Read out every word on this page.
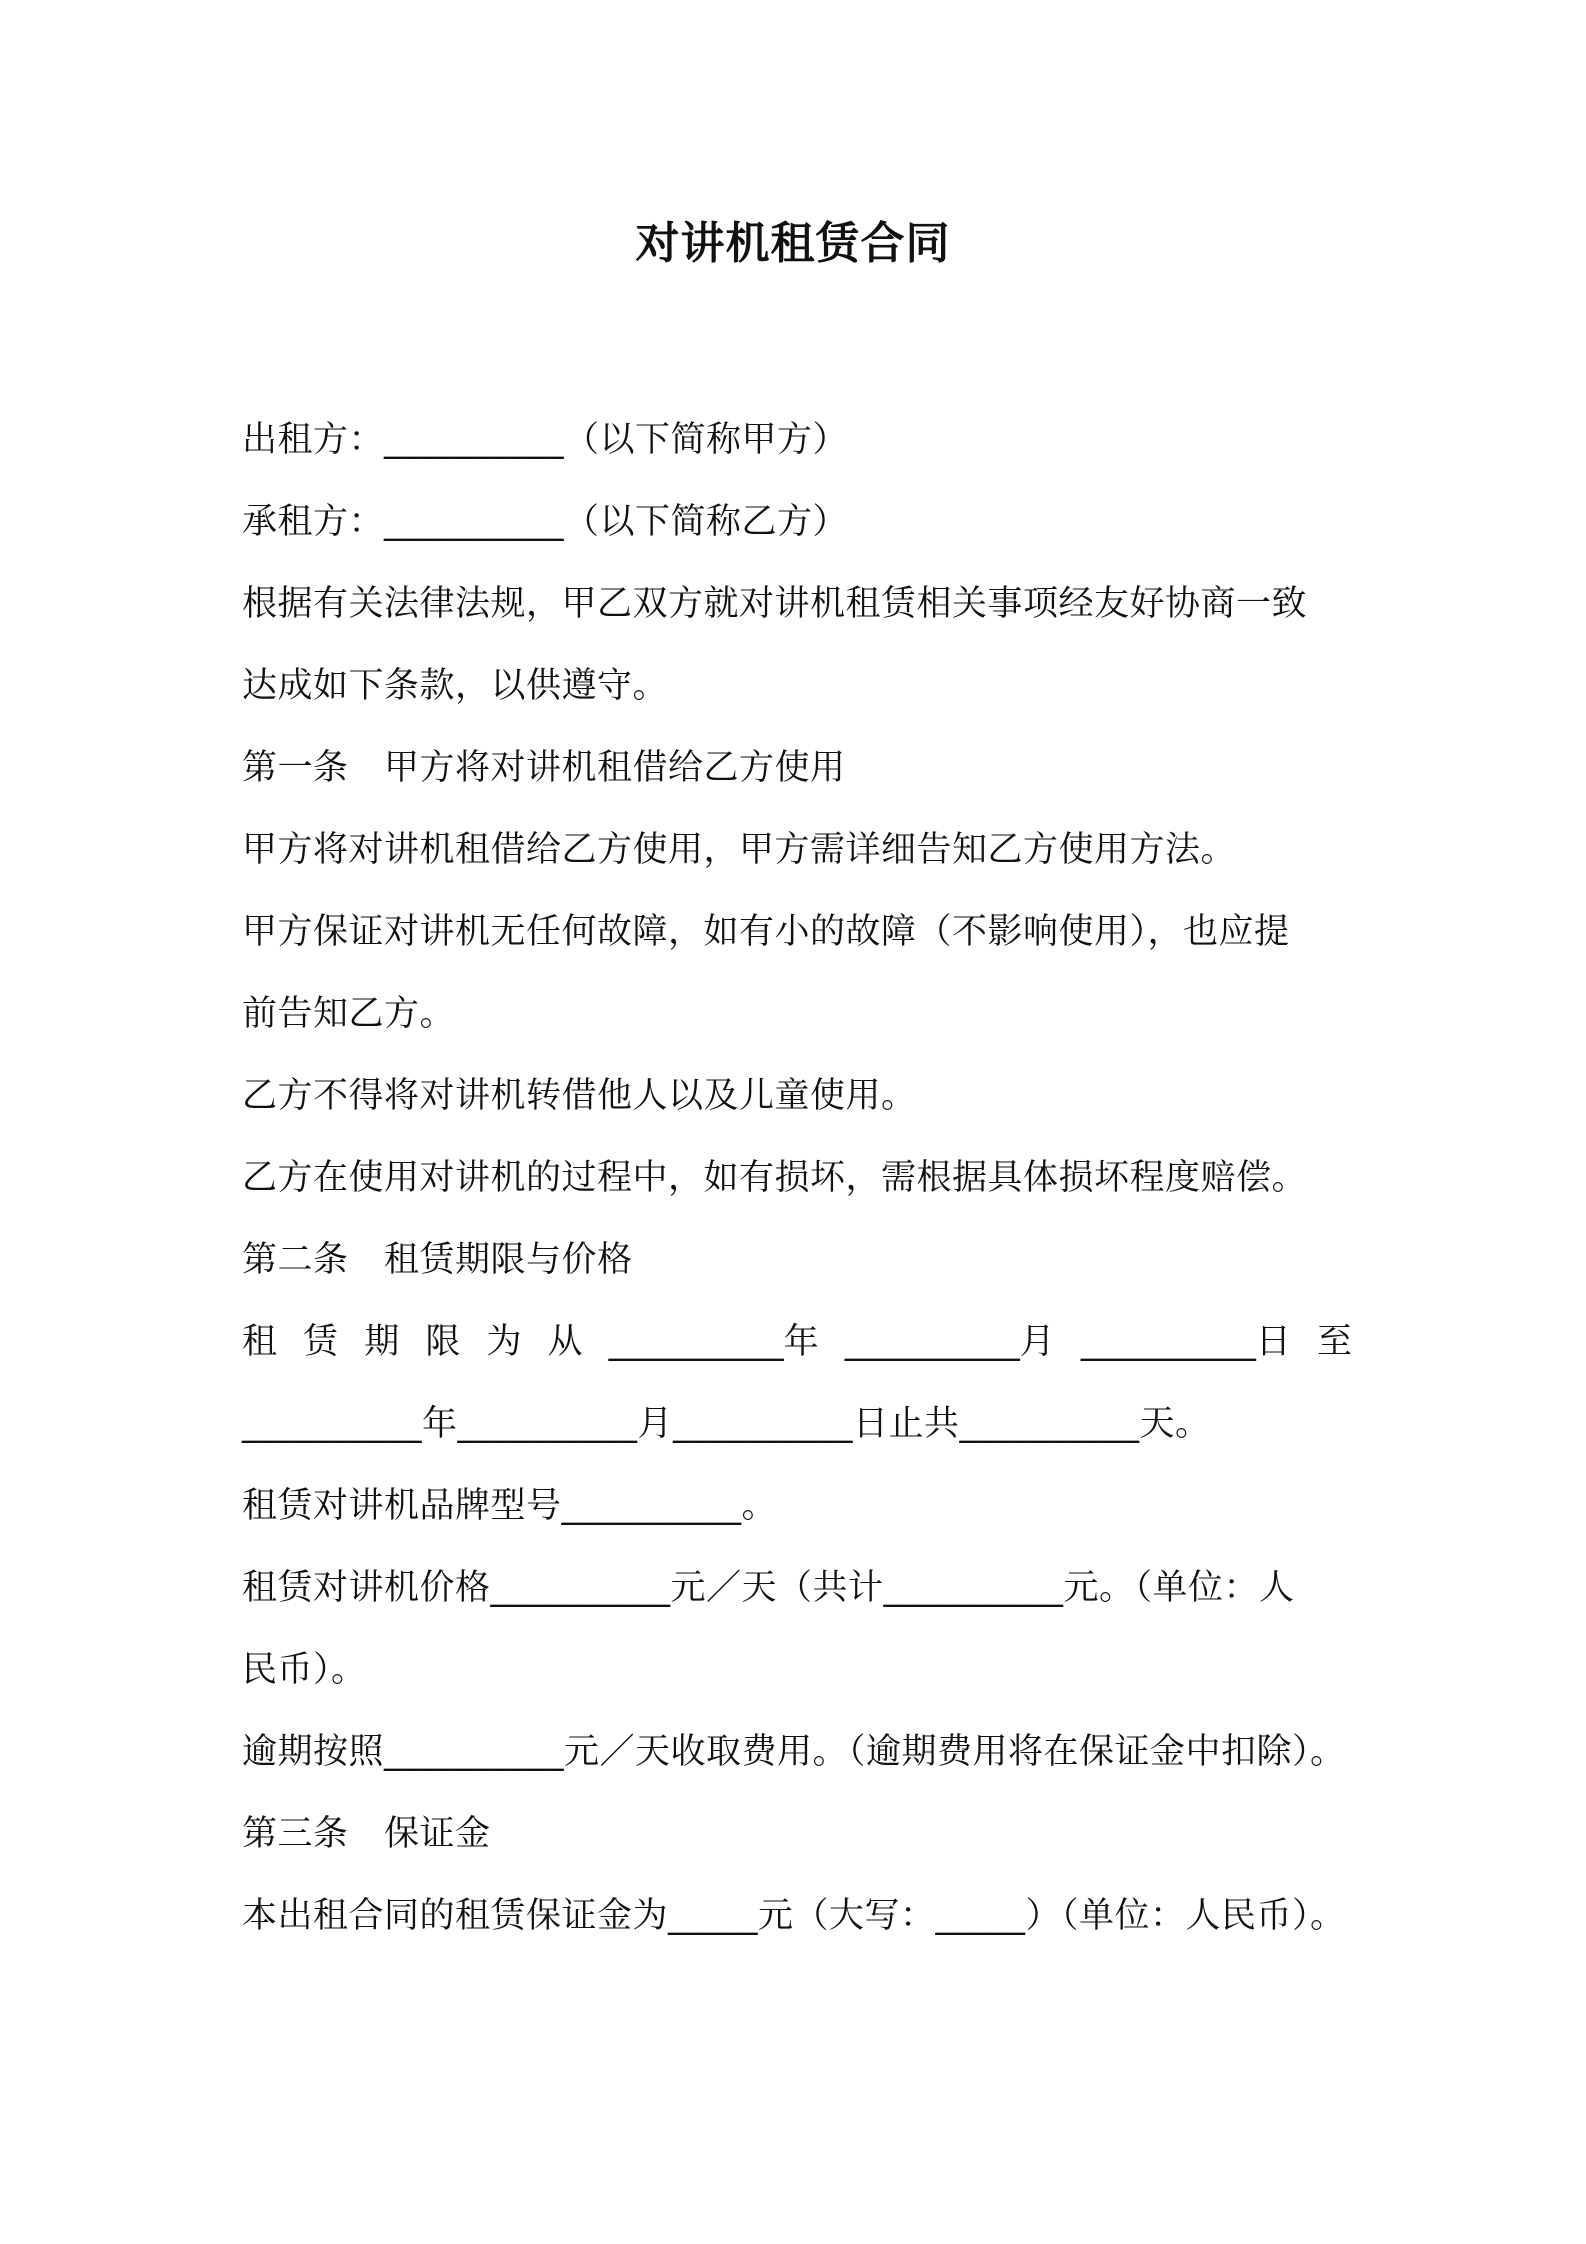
对讲机租赁合同
出租方：__________（以下简称甲方）
承租方：__________（以下简称乙方）
根据有关法律法规，甲乙双方就对讲机租赁相关事项经友好协商一致
达成如下条款，以供遵守。
第一条　甲方将对讲机租借给乙方使用
甲方将对讲机租借给乙方使用，甲方需详细告知乙方使用方法。
甲方保证对讲机无任何故障，如有小的故障（不影响使用），也应提
前告知乙方。
乙方不得将对讲机转借他人以及儿童使用。
乙方在使用对讲机的过程中，如有损坏，需根据具体损坏程度赔偿。
第二条　租赁期限与价格
租 赁 期 限 为 从 __________年 __________月 __________日 至
__________年__________月__________日止共__________天。
租赁对讲机品牌型号__________。
租赁对讲机价格__________元／天（共计__________元。（单位：人
民币）。
逾期按照__________元／天收取费用。（逾期费用将在保证金中扣除）。
第三条　保证金
本出租合同的租赁保证金为_____元（大写：_____）（单位：人民币）。
